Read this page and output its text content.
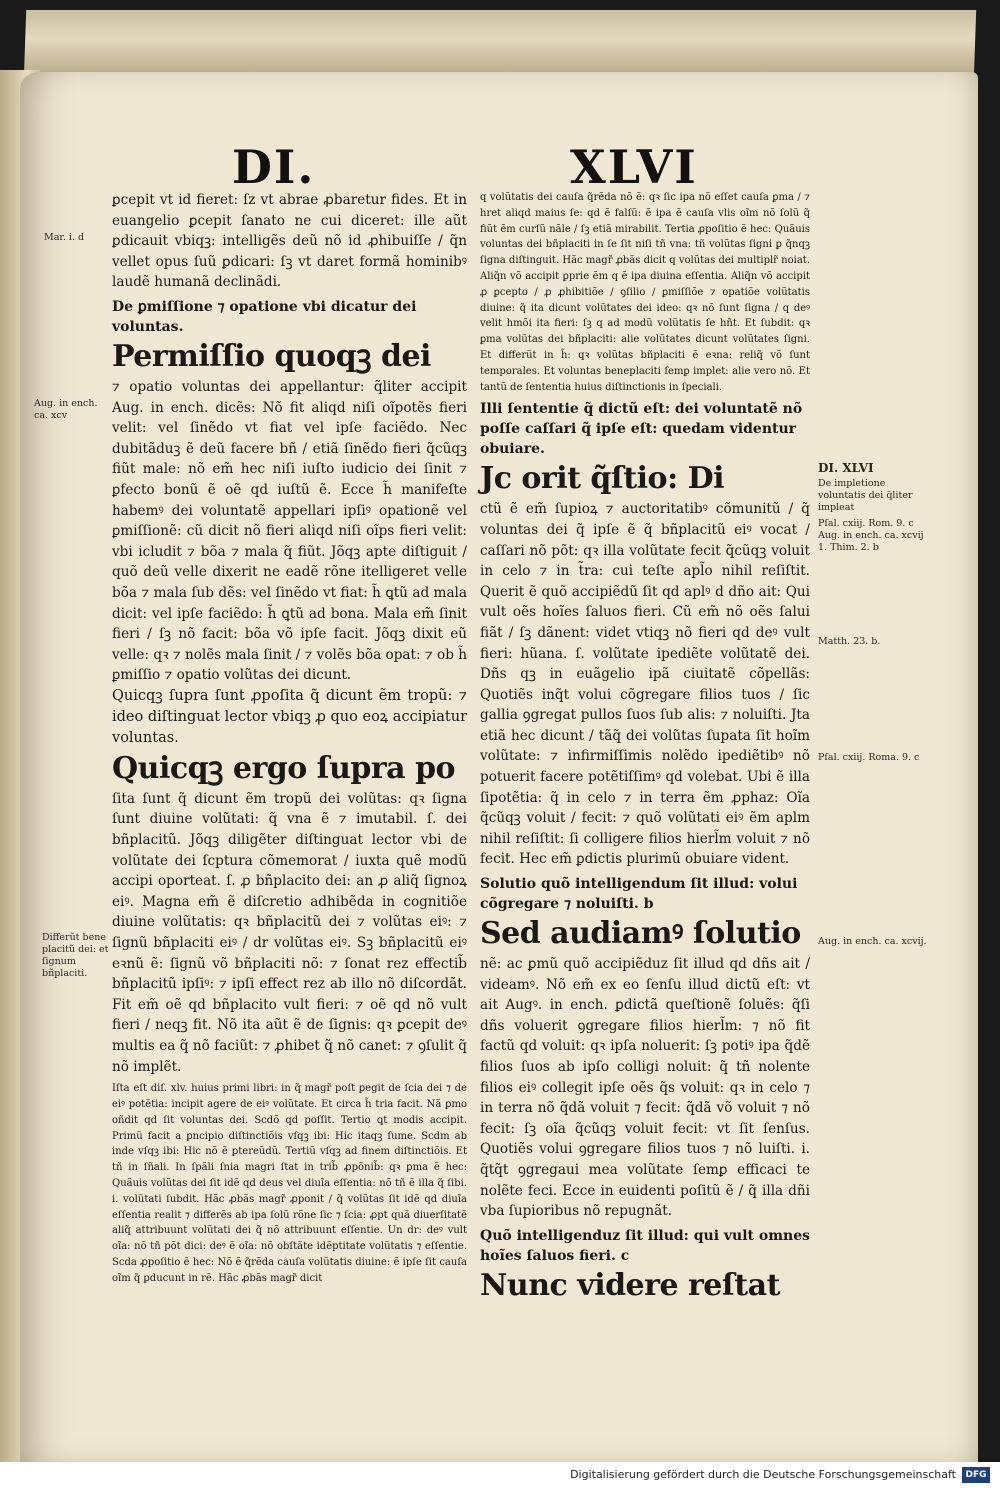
DI.	XLVI
Mar. i. d
Aug. in ench. ca. xcv
Differũt bene placitũ dei: et ſignum bñplaciti.

ꝑcepit vt id fieret: ſz vt abrae ꝓbaretur fides. Et in euangelio ꝑcepit ſanato ne cui diceret: ille aũt ꝑdicauit vbiqꝫ: intelligẽs deũ nõ id ꝓhibuiſſe / q̃n vellet opus ſuũ ꝑdicari: ſꝫ vt daret formã hominibꝰ laudẽ humanã declinãdi.

De ꝑmiſſione ⁊ opatione vbi dicatur dei voluntas.

Permiſſio quoqꝫ dei

⁊ opatio voluntas dei appellantur: q̃liter accipit Aug. in ench. dicẽs: Nõ fit aliqd niſi oĩpotẽs fieri velit: vel ſinẽdo vt fiat vel ipſe faciẽdo. Nec dubitãduꝫ ẽ deũ facere bñ / etiã ſinẽdo fieri q̃cũqꝫ fiũt male: nõ em̃ hec niſi iuſto iudicio dei ſinit ⁊ ꝑfecto bonũ ẽ oẽ qd iuſtũ ẽ. Ecce h̃ manifeſte habemꝰ dei voluntatẽ appellari ipſiꝰ opationẽ vel ꝑmiſſionẽ: cũ dicit nõ fieri aliqd niſi oĩps fieri velit: vbi icludit ⁊ bõa ⁊ mala q̃ fiũt. Jõqꝫ apte diſtiguit / quõ deũ velle dixerit ne eadẽ rõne itelligeret velle bõa ⁊ mala ſub dẽs: vel ſinẽdo vt fiat: h̃ ꝗtũ ad mala dicit: vel ipſe faciẽdo: h̃ ꝗtũ ad bona. Mala em̃ ſinit fieri / ſꝫ nõ facit: bõa võ ipſe facit. Jõqꝫ dixit eũ velle: qꝛ ⁊ nolẽs mala ſinit / ⁊ volẽs bõa opat: ⁊ ob h̃ ꝑmiſſio ⁊ opatio volũtas dei dicunt.

Quicqꝫ ſupra ſunt ꝓpoſita q̃ dicunt ẽm tropũ: ⁊ ideo diſtinguat lector vbiqꝫ ꝓ quo eoꝝ accipiatur voluntas.

Quicqꝫ ergo ſupra po

ſita ſunt q̃ dicunt ẽm tropũ dei volũtas: qꝛ ſigna ſunt diuine volũtati: q̃ vna ẽ ⁊ imutabil. ſ. dei bñplacitũ. Jõqꝫ diligẽter diſtinguat lector vbi de volũtate dei ſcptura cõmemorat / iuxta quẽ modũ accipi oporteat. ſ. ꝓ bñplacito dei: an ꝓ aliq̃ ſignoꝝ eiꝰ. Magna em̃ ẽ diſcretio adhibẽda in cognitiõe diuine volũtatis: qꝛ bñplacitũ dei ⁊ volũtas eiꝰ: ⁊ ſignũ bñplaciti eiꝰ / dr volũtas eiꝰ. Sꝫ bñplacitũ eiꝰ eꝛnũ ẽ: ſignũ võ bñplaciti nõ: ⁊ ſonat rez effectib̃ bñplacitũ ipſiꝰ: ⁊ ipſi effect rez ab illo nõ diſcordãt. Fit em̃ oẽ qd bñplacito vult fieri: ⁊ oẽ qd nõ vult fieri / neqꝫ fit. Nõ ita aũt ẽ de ſignis: qꝛ ꝑcepit deꝰ multis ea q̃ nõ faciũt: ⁊ ꝓhibet q̃ nõ canet: ⁊ ꝯſulit q̃ nõ implẽt.

Iſta eſt diſ. xlv. huius primi libri: in q̃ magr̃ poſt ꝑegit de ſcia dei ⁊ de eiꝰ potẽtia: incipit agere de eiꝰ volũtate. Et circa h̃ tria facit. Nã ꝑmo oñdit qd ſit voluntas dei. Scdõ qd poſſit. Tertio ꝗt modis accipit. Primũ facit a ꝑncipio diſtinctiõis vſqꝫ ibi: Hic itaqꝫ ſume. Scdm ab inde vſqꝫ ibi: Hic nõ ẽ ꝑtereũdũ. Tertiũ vſqꝫ ad finem diſtinctiõis. Et tñ in ſñali. In ſpãli ſnia magri ſtat in trib̃ ꝓpõnib̃: qꝛ ꝑma ẽ hec: Quãuis volũtas dei ſit idẽ qd deus vel diuĩa eſſentia: nõ tñ ẽ illa q̃ ſibi. i. volũtati ſubdit. Hãc ꝓbãs magr̃ ꝓponit / q̃ volũtas ſit idẽ qd diuĩa eſſentia realit ⁊ differẽs ab ipa ſolũ rõne ſic ⁊ ſcia: ꝓpt quã diuerſitatẽ aliq̃ attribuunt volũtati dei q̃ nõ attribuunt eſſentie. Un dr: deꝰ vult oĩa: nõ tñ põt dici: deꝰ ẽ oĩa: nõ obſtãte idẽptitate volũtatis ⁊ eſſentie. Scda ꝓpoſitio ẽ hec: Nõ ẽ q̃rẽda cauſa volũtatis diuine: ẽ ipſe ſit cauſa oĩm q̃ ꝑducunt in rẽ. Hãc ꝓbãs magr̃ dicit

q volũtatis dei cauſa q̃rẽda nõ ẽ: qꝛ ſic ipa nõ eſſet cauſa ꝑma / ⁊ hret aliqd maius ſe: qd ẽ falſũ: ẽ ipa ẽ cauſa vlis oĩm nõ ſolũ q̃ fiũt ẽm curſũ nãle / ſꝫ etiã mirabilit. Tertia ꝓpoſitio ẽ hec: Quãuis voluntas dei bñplaciti in ſe ſit niſi tñ vna: tñ volũtas ſigni ꝑ q̃nqꝫ ſigna diſtinguit. Hãc magr̃ ꝓbãs dicit q volũtas dei multiplr̃ noiat. Aliq̃n võ accipit ꝑprie ẽm q ẽ ipa diuina eſſentia. Aliq̃n võ accipit ꝓ ꝑcepto / ꝓ ꝓhibitiõe / ꝯſilio / ꝑmiſſiõe ⁊ opatiõe volũtatis diuine: q̃ ita dicunt volũtates dei ideo: qꝛ nõ ſunt ſigna / q deꝰ velit hmõi ita fieri: ſꝫ q ad modũ volũtatis ſe hñt. Et ſubdit: qꝛ ꝑma volũtas dei bñplaciti: alie volũtates dicunt volũtates ſigni. Et differũt in h̃: qꝛ volũtas bñplaciti ẽ eꝛna: reliq̃ võ ſunt temporales. Et voluntas beneplaciti ſemꝑ implet: alie vero nõ. Et tantũ de ſententia huius diſtinctionis in ſpeciali.

Illi ſententie q̃ dictũ eſt: dei voluntatẽ nõ poſſe caſſari q̃ ipſe eſt: quedam videntur obuiare.

Jc orit q̃ſtio: Di

ctũ ẽ em̃ ſupioꝝ ⁊ auctoritatibꝰ cõmunitũ / q̃ voluntas dei q̃ ipſe ẽ q̃ bñplacitũ eiꝰ vocat / caſſari nõ põt: qꝛ illa volũtate fecit q̃cũqꝫ voluit in celo ⁊ in t̃ra: cui teſte apl̃o nihil reſiſtit. Querit ẽ quõ accipiẽdũ ſit qd aplꝰ d dño ait: Qui vult oẽs hoĩes ſaluos fieri. Cũ em̃ nõ oẽs ſalui fiãt / ſꝫ dãnent: videt vtiqꝫ nõ fieri qd deꝰ vult fieri: hũana. ſ. volũtate ipediẽte volũtatẽ dei. Dñs qꝫ in euãgelio ipã ciuitatẽ cõpellãs: Quotiẽs inq̃t volui cõgregare filios tuos / ſic gallia ꝯgregat pullos ſuos ſub alis: ⁊ noluiſti. Jta etiã hec dicunt / tãq̃ dei volũtas ſupata ſit hoĩm volũtate: ⁊ infirmiſſimis nolẽdo ipediẽtibꝰ nõ potuerit facere potẽtiſſimꝰ qd volebat. Ubi ẽ illa ſipotẽtia: q̃ in celo ⁊ in terra ẽm ꝓphaz: Oĩa q̃cũqꝫ voluit / fecit: ⁊ quõ volũtati eiꝰ ẽm aplm nihil reſiſtit: ſi colligere filios hierl̃m voluit ⁊ nõ fecit. Hec em̃ ꝑdictis plurimũ obuiare vident.

Solutio quõ intelligendum ſit illud: volui cõgregare ⁊ noluiſti. b

Sed audiamꝰ ſolutio

nẽ: ac ꝑmũ quõ accipiẽduz ſit illud qd dñs ait / videamꝰ. Nõ em̃ ex eo ſenſu illud dictũ eſt: vt ait Augꝰ. in ench. ꝑdictã queſtionẽ ſoluẽs: q̃ſi dñs voluerit ꝯgregare filios hierl̃m: ⁊ nõ fit factũ qd voluit: qꝛ ipſa noluerit: ſꝫ potiꝰ ipa q̃dẽ filios ſuos ab ipſo colligi noluit: q̃ tñ nolente filios eiꝰ collegit ipſe oẽs q̃s voluit: qꝛ in celo ⁊ in terra nõ q̃dã voluit ⁊ fecit: q̃dã võ voluit ⁊ nõ fecit: ſꝫ oĩa q̃cũqꝫ voluit fecit: vt ſit ſenſus. Quotiẽs volui ꝯgregare filios tuos ⁊ nõ luiſti. i. q̃tq̃t ꝯgregaui mea volũtate ſemꝑ efficaci te nolẽte feci. Ecce in euidenti poſitũ ẽ / q̃ illa dñi vba ſupioribus nõ repugnãt.

Quõ intelligenduz ſit illud: qui vult omnes hoĩes ſaluos fieri. c

Nunc videre reſtat

DI. XLVI
De impletione voluntatis dei q̃liter impleat
Pſal. cxiij. Rom. 9. c Aug. in ench. ca. xcvij 1. Thim. 2. b
Matth. 23. b.
Pſal. cxiij. Roma. 9. c
Aug. in ench. ca. xcvij.
Digitalisierung gefördert durch die Deutsche Forschungsgemeinschaft	DFG
